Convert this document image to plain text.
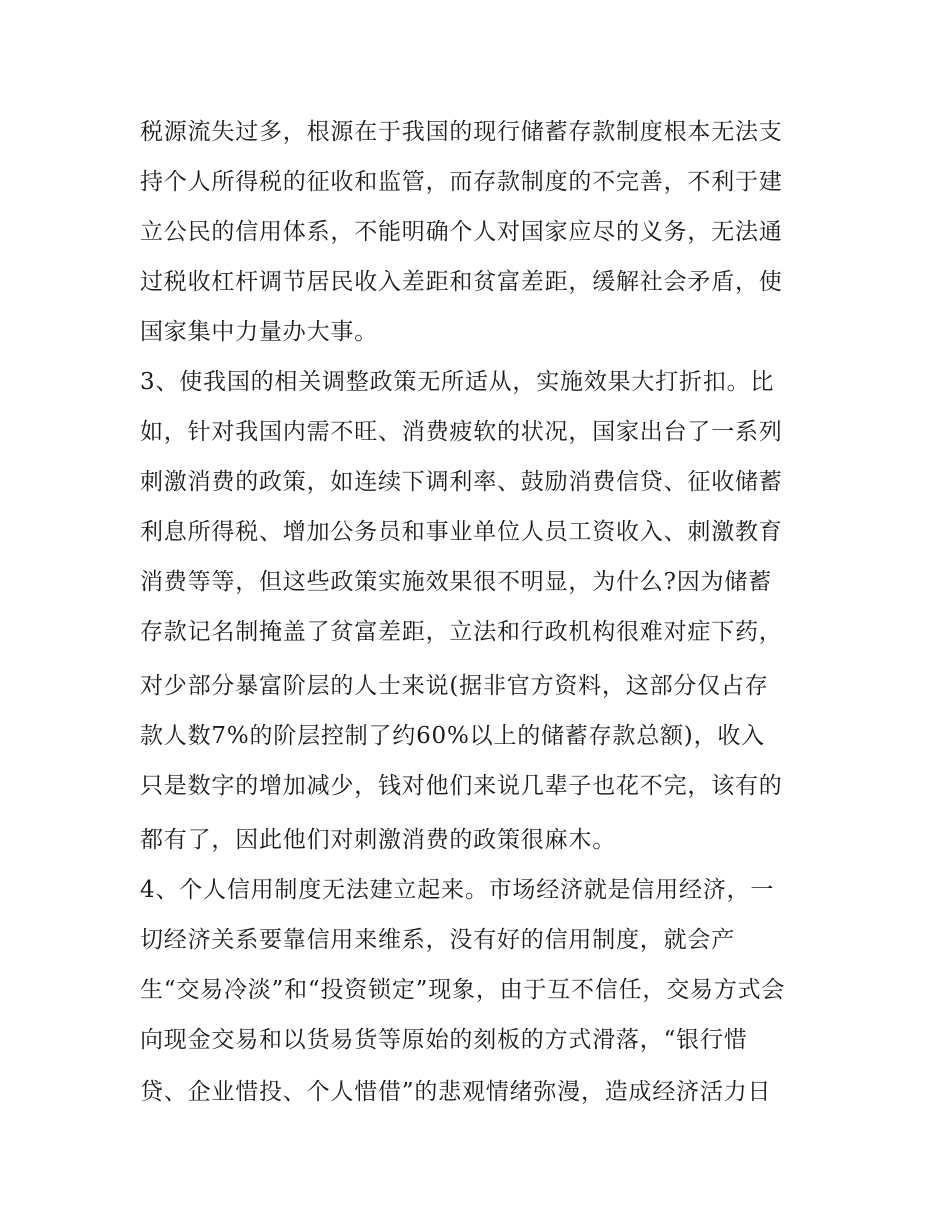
税源流失过多，根源在于我国的现行储蓄存款制度根本无法支
持个人所得税的征收和监管，而存款制度的不完善，不利于建
立公民的信用体系，不能明确个人对国家应尽的义务，无法通
过税收杠杆调节居民收入差距和贫富差距，缓解社会矛盾，使
国家集中力量办大事。
3、使我国的相关调整政策无所适从，实施效果大打折扣。比
如，针对我国内需不旺、消费疲软的状况，国家出台了一系列
刺激消费的政策，如连续下调利率、鼓励消费信贷、征收储蓄
利息所得税、增加公务员和事业单位人员工资收入、刺激教育
消费等等，但这些政策实施效果很不明显，为什么?因为储蓄
存款记名制掩盖了贫富差距，立法和行政机构很难对症下药，
对少部分暴富阶层的人士来说(据非官方资料，这部分仅占存
款人数7%的阶层控制了约60%以上的储蓄存款总额)，收入
只是数字的增加减少，钱对他们来说几辈子也花不完，该有的
都有了，因此他们对刺激消费的政策很麻木。
4、个人信用制度无法建立起来。市场经济就是信用经济，一
切经济关系要靠信用来维系，没有好的信用制度，就会产
生“交易冷淡”和“投资锁定”现象，由于互不信任，交易方式会
向现金交易和以货易货等原始的刻板的方式滑落，“银行惜
贷、企业惜投、个人惜借”的悲观情绪弥漫，造成经济活力日
